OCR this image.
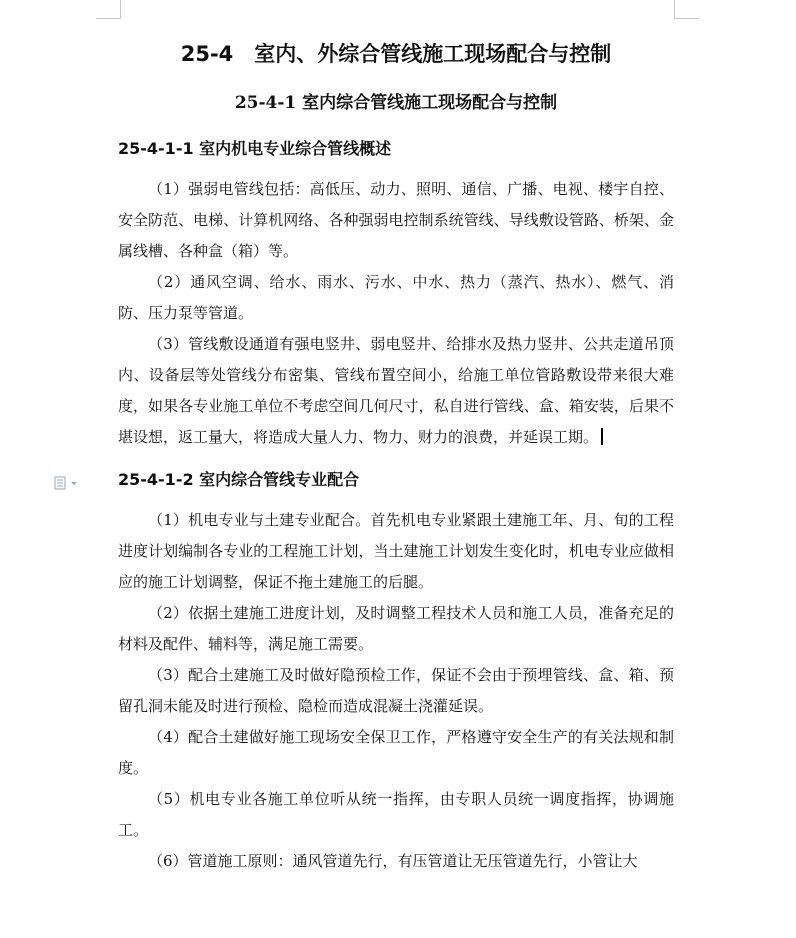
25-4　室内、外综合管线施工现场配合与控制
25-4-1 室内综合管线施工现场配合与控制
25-4-1-1 室内机电专业综合管线概述

（1）强弱电管线包括：高低压、动力、照明、通信、广播、电视、楼宇自控、安全防范、电梯、计算机网络、各种强弱电控制系统管线、导线敷设管路、桥架、金属线槽、各种盒（箱）等。

（2）通风空调、给水、雨水、污水、中水、热力（蒸汽、热水）、燃气、消防、压力泵等管道。

（3）管线敷设通道有强电竖井、弱电竖井、给排水及热力竖井、公共走道吊顶内、设备层等处管线分布密集、管线布置空间小，给施工单位管路敷设带来很大难度，如果各专业施工单位不考虑空间几何尺寸，私自进行管线、盒、箱安装，后果不堪设想，返工量大，将造成大量人力、物力、财力的浪费，并延误工期。

25-4-1-2 室内综合管线专业配合

（1）机电专业与土建专业配合。首先机电专业紧跟土建施工年、月、旬的工程进度计划编制各专业的工程施工计划，当土建施工计划发生变化时，机电专业应做相应的施工计划调整，保证不拖土建施工的后腿。

（2）依据土建施工进度计划，及时调整工程技术人员和施工人员，准备充足的材料及配件、辅料等，满足施工需要。

（3）配合土建施工及时做好隐预检工作，保证不会由于预埋管线、盒、箱、预留孔洞未能及时进行预检、隐检而造成混凝土浇灌延误。

（4）配合土建做好施工现场安全保卫工作，严格遵守安全生产的有关法规和制度。

（5）机电专业各施工单位听从统一指挥，由专职人员统一调度指挥，协调施工。

（6）管道施工原则：通风管道先行，有压管道让无压管道先行，小管让大
